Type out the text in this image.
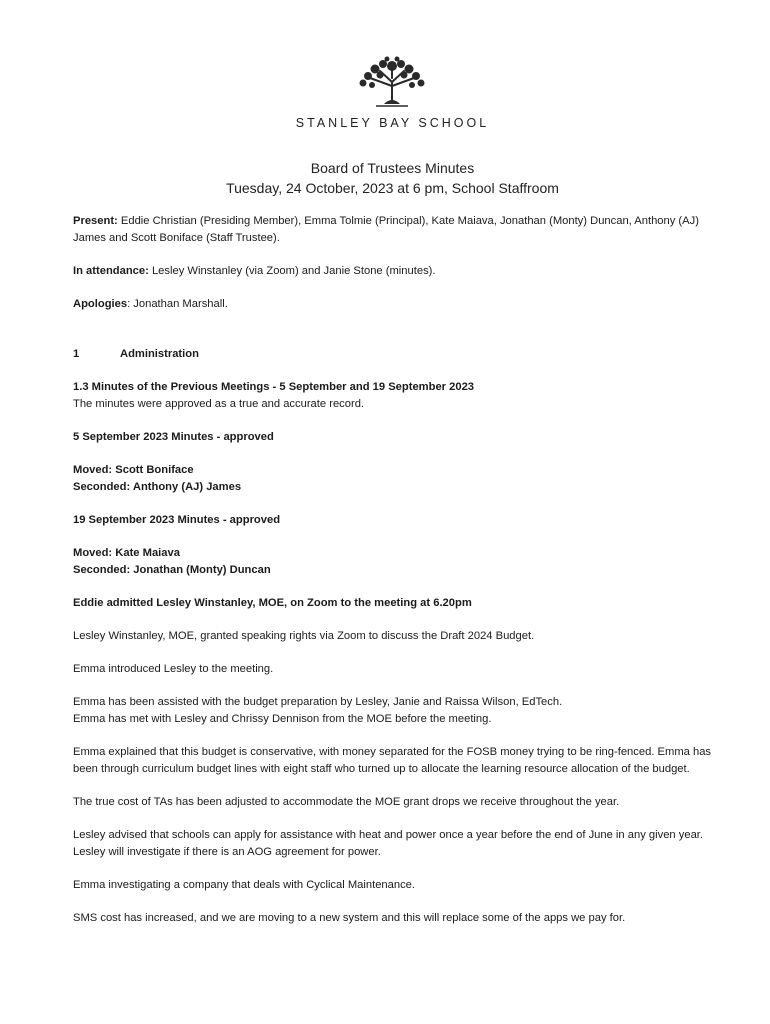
STANLEY BAY SCHOOL
Board of Trustees Minutes
Tuesday, 24 October, 2023 at 6 pm, School Staffroom

Present: Eddie Christian (Presiding Member), Emma Tolmie (Principal), Kate Maiava, Jonathan (Monty) Duncan, Anthony (AJ) James and Scott Boniface (Staff Trustee).

In attendance: Lesley Winstanley (via Zoom) and Janie Stone (minutes).

Apologies: Jonathan Marshall.

1	Administration

1.3 Minutes of the Previous Meetings - 5 September and 19 September 2023

The minutes were approved as a true and accurate record.

5 September 2023 Minutes - approved

Moved: Scott Boniface

Seconded: Anthony (AJ) James

19 September 2023 Minutes - approved

Moved: Kate Maiava

Seconded: Jonathan (Monty) Duncan

Eddie admitted Lesley Winstanley, MOE, on Zoom to the meeting at 6.20pm

Lesley Winstanley, MOE, granted speaking rights via Zoom to discuss the Draft 2024 Budget.

Emma introduced Lesley to the meeting.

Emma has been assisted with the budget preparation by Lesley, Janie and Raissa Wilson, EdTech.

Emma has met with Lesley and Chrissy Dennison from the MOE before the meeting.

Emma explained that this budget is conservative, with money separated for the FOSB money trying to be ring-fenced. Emma has been through curriculum budget lines with eight staff who turned up to allocate the learning resource allocation of the budget.

The true cost of TAs has been adjusted to accommodate the MOE grant drops we receive throughout the year.

Lesley advised that schools can apply for assistance with heat and power once a year before the end of June in any given year. Lesley will investigate if there is an AOG agreement for power.

Emma investigating a company that deals with Cyclical Maintenance.

SMS cost has increased, and we are moving to a new system and this will replace some of the apps we pay for.
